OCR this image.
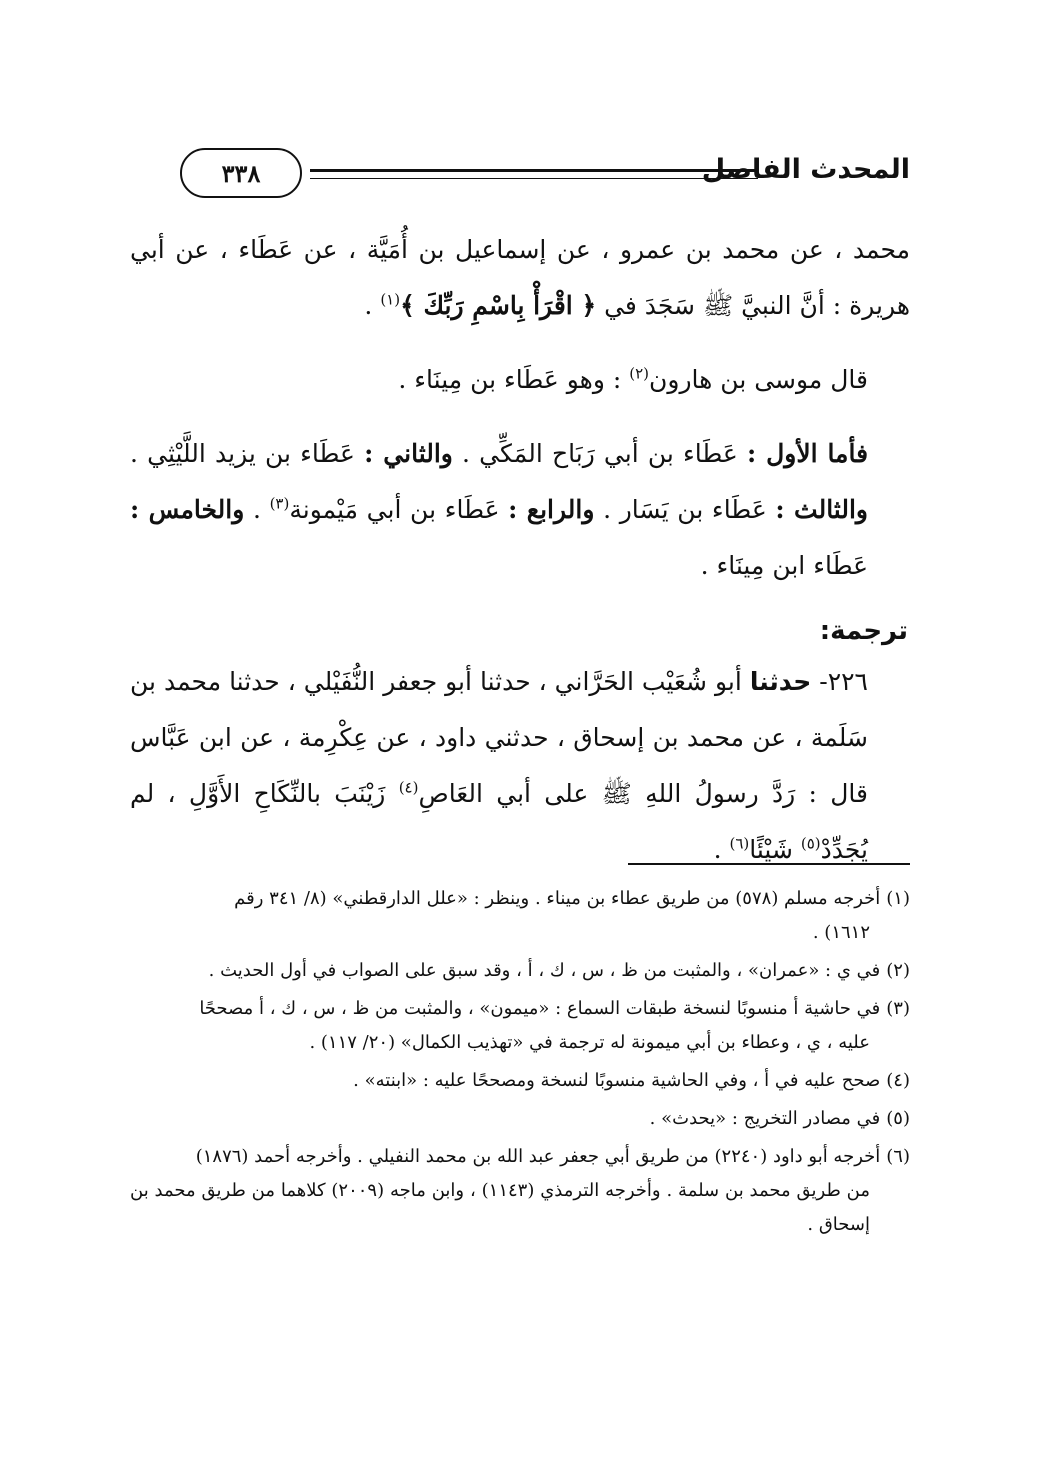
المحدث الفاصل
٣٣٨

محمد ، عن محمد بن عمرو ، عن إسماعيل بن أُمَيَّة ، عن عَطَاء ، عن أبي هريرة : أنَّ النبيَّ ﷺ سَجَدَ في ﴿ اقْرَأْ بِاسْمِ رَبِّكَ ﴾$^{(١)}$ .

قال موسى بن هارون$^{(٢)}$ : وهو عَطَاء بن مِينَاء .

فأما الأول : عَطَاء بن أبي رَبَاح المَكِّي . والثاني : عَطَاء بن يزيد اللَّيْثِي . والثالث : عَطَاء بن يَسَار . والرابع : عَطَاء بن أبي مَيْمونة$^{(٣)}$ . والخامس : عَطَاء ابن مِينَاء .

ترجمة:

٢٢٦- حدثنا أبو شُعَيْب الحَرَّاني ، حدثنا أبو جعفر النُّفَيْلي ، حدثنا محمد بن سَلَمة ، عن محمد بن إسحاق ، حدثني داود ، عن عِكْرِمة ، عن ابن عَبَّاس قال : رَدَّ رسولُ اللهِ ﷺ على أبي العَاصِ$^{(٤)}$ زَيْنَبَ بالنِّكَاحِ الأَوَّلِ ، لم يُجَدِّدْ$^{(٥)}$ شَيْئًا$^{(٦)}$ .

(١)أخرجه مسلم (٥٧٨) من طريق عطاء بن ميناء . وينظر : «علل الدارقطني» (٨/ ٣٤١ رقم
١٦١٢) .

(٢)في ي : «عمران» ، والمثبت من ظ ، س ، ك ، أ ، وقد سبق على الصواب في أول الحديث .

(٣)في حاشية أ منسوبًا لنسخة طبقات السماع : «ميمون» ، والمثبت من ظ ، س ، ك ، أ مصححًا
عليه ، ي ، وعطاء بن أبي ميمونة له ترجمة في «تهذيب الكمال» (٢٠/ ١١٧) .

(٤)صحح عليه في أ ، وفي الحاشية منسوبًا لنسخة ومصححًا عليه : «ابنته» .

(٥)في مصادر التخريج : «يحدث» .

(٦)أخرجه أبو داود (٢٢٤٠) من طريق أبي جعفر عبد الله بن محمد النفيلي . وأخرجه أحمد (١٨٧٦)
من طريق محمد بن سلمة . وأخرجه الترمذي (١١٤٣) ، وابن ماجه (٢٠٠٩) كلاهما من طريق محمد بن إسحاق .
